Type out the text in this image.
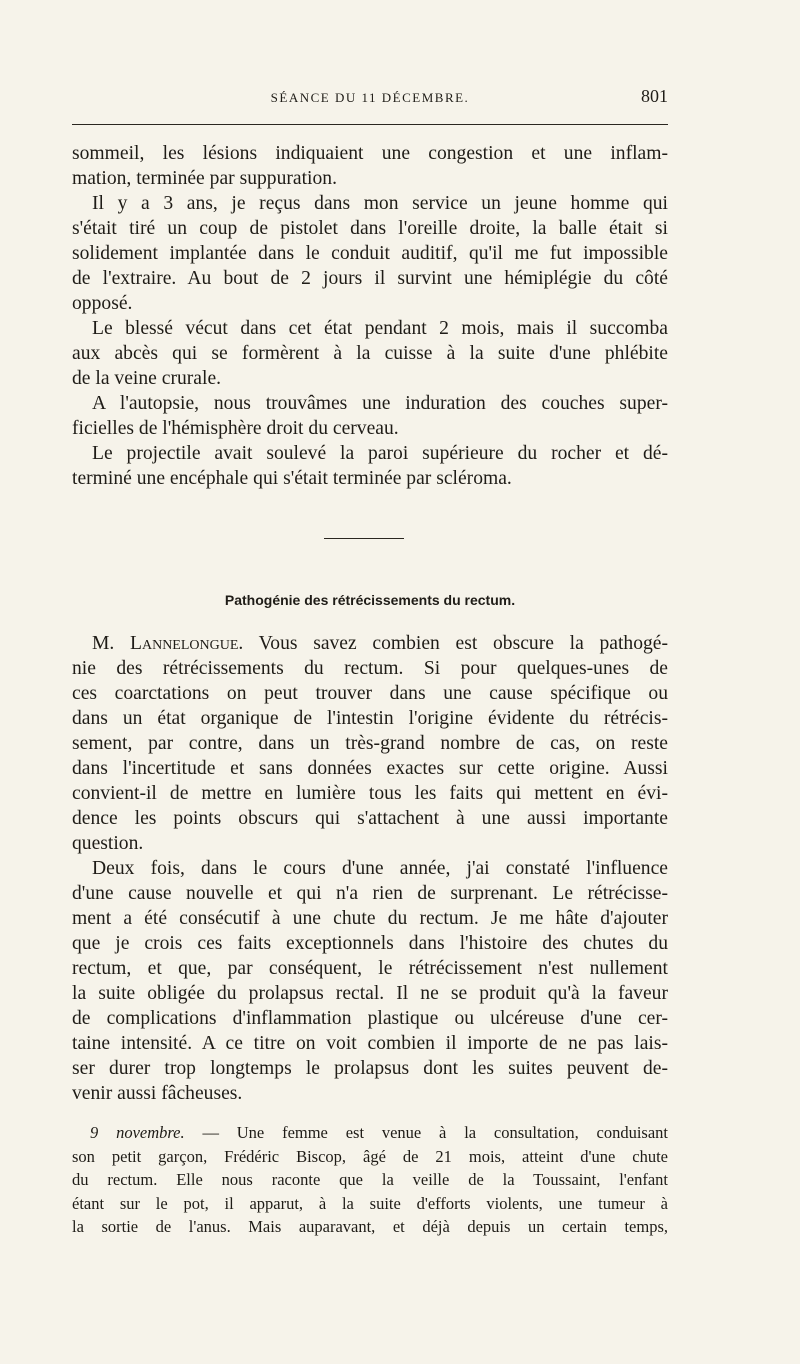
SÉANCE DU 11 DÉCEMBRE.	801
sommeil, les lésions indiquaient une congestion et une inflam-
mation, terminée par suppuration.
Il y a 3 ans, je reçus dans mon service un jeune homme qui
s'était tiré un coup de pistolet dans l'oreille droite, la balle était si
solidement implantée dans le conduit auditif, qu'il me fut impossible
de l'extraire. Au bout de 2 jours il survint une hémiplégie du côté
opposé.
Le blessé vécut dans cet état pendant 2 mois, mais il succomba
aux abcès qui se formèrent à la cuisse à la suite d'une phlébite
de la veine crurale.
A l'autopsie, nous trouvâmes une induration des couches super-
ficielles de l'hémisphère droit du cerveau.
Le projectile avait soulevé la paroi supérieure du rocher et dé-
terminé une encéphale qui s'était terminée par scléroma.
Pathogénie des rétrécissements du rectum.
M. Lannelongue. Vous savez combien est obscure la pathogé-
nie des rétrécissements du rectum. Si pour quelques-unes de
ces coarctations on peut trouver dans une cause spécifique ou
dans un état organique de l'intestin l'origine évidente du rétrécis-
sement, par contre, dans un très-grand nombre de cas, on reste
dans l'incertitude et sans données exactes sur cette origine. Aussi
convient-il de mettre en lumière tous les faits qui mettent en évi-
dence les points obscurs qui s'attachent à une aussi importante
question.
Deux fois, dans le cours d'une année, j'ai constaté l'influence
d'une cause nouvelle et qui n'a rien de surprenant. Le rétrécisse-
ment a été consécutif à une chute du rectum. Je me hâte d'ajouter
que je crois ces faits exceptionnels dans l'histoire des chutes du
rectum, et que, par conséquent, le rétrécissement n'est nullement
la suite obligée du prolapsus rectal. Il ne se produit qu'à la faveur
de complications d'inflammation plastique ou ulcéreuse d'une cer-
taine intensité. A ce titre on voit combien il importe de ne pas lais-
ser durer trop longtemps le prolapsus dont les suites peuvent de-
venir aussi fâcheuses.
9 novembre. — Une femme est venue à la consultation, conduisant
son petit garçon, Frédéric Biscop, âgé de 21 mois, atteint d'une chute
du rectum. Elle nous raconte que la veille de la Toussaint, l'enfant
étant sur le pot, il apparut, à la suite d'efforts violents, une tumeur à
la sortie de l'anus. Mais auparavant, et déjà depuis un certain temps,
